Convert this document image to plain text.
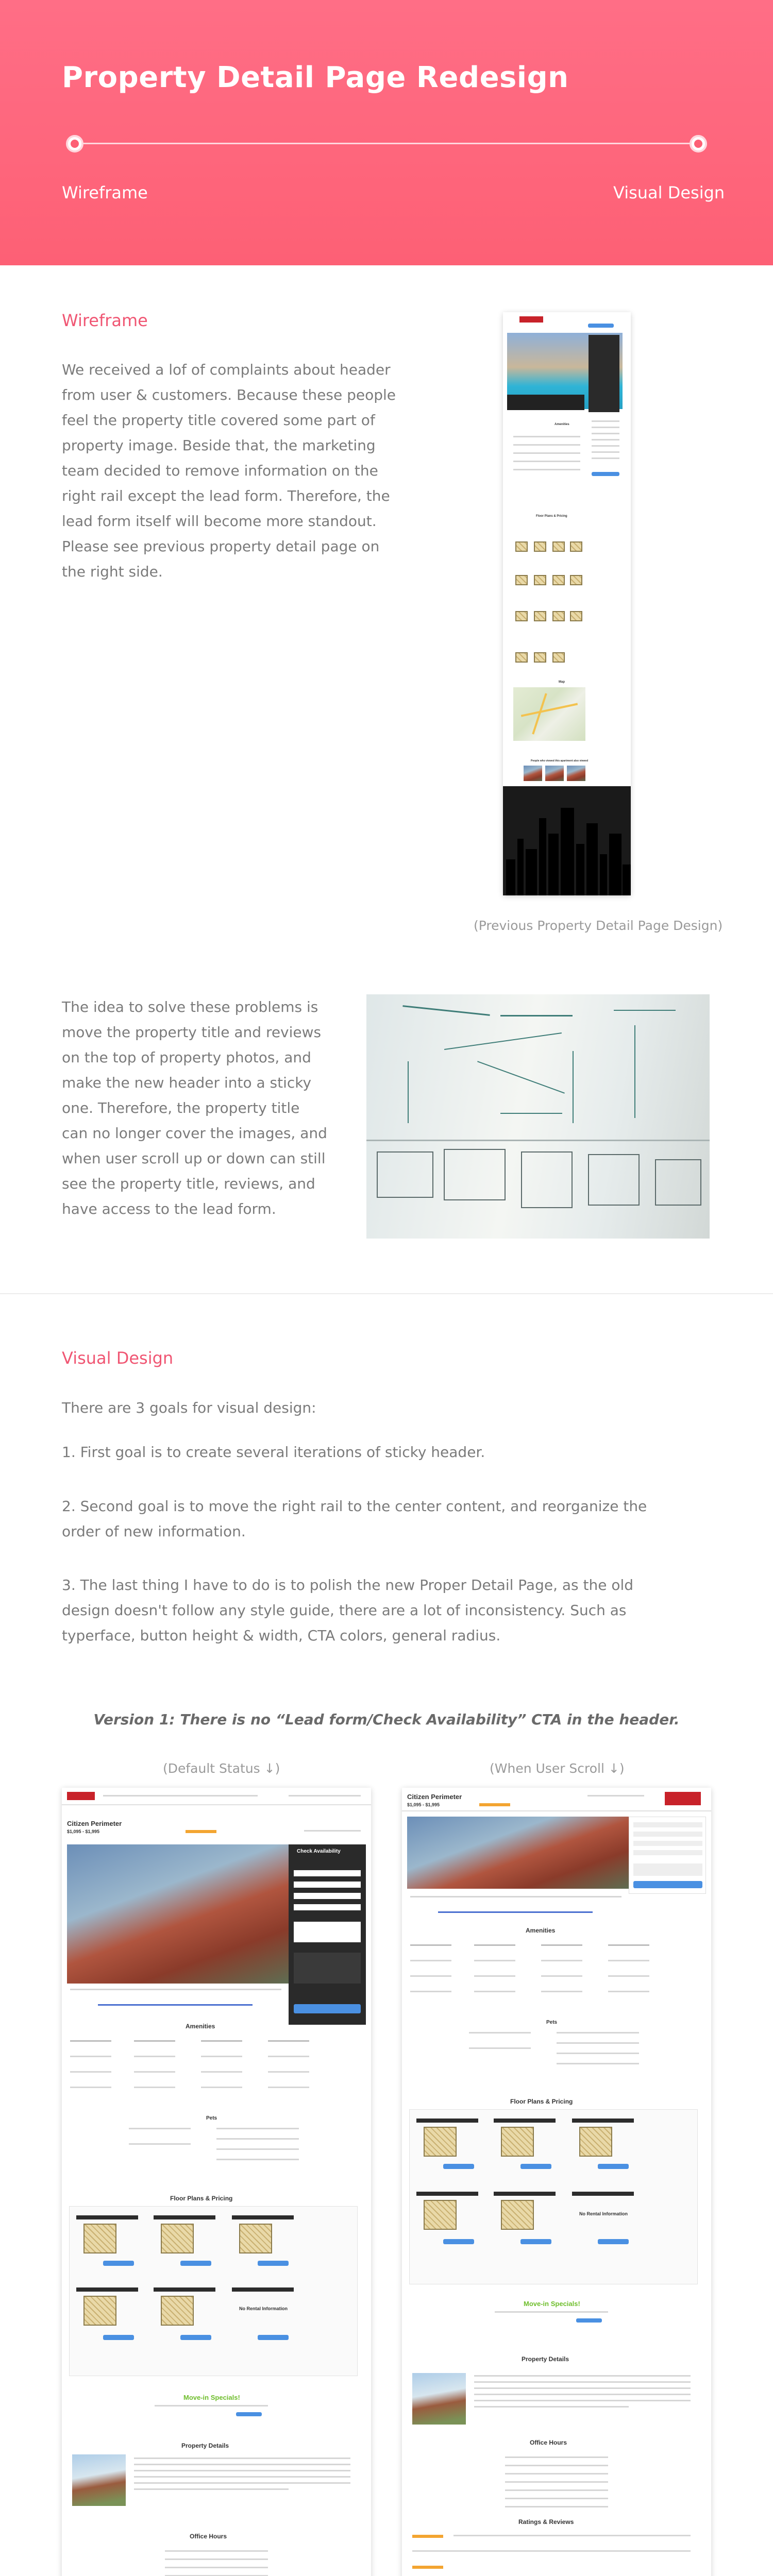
Property Detail Page Redesign
Wireframe	Visual Design
Wireframe
We received a lof of complaints about header from user & customers. Because these people feel the property title covered some part of property image. Beside that, the marketing team decided to remove information on the right rail except the lead form. Therefore, the lead form itself will become more standout. Please see previous property detail page on the right side.
Amenities
Floor Plans & Pricing
Map
People who viewed this apartment also viewed
(Previous Property Detail Page Design)
The idea to solve these problems is move the property title and reviews on the top of property photos, and make the new header into a sticky one. Therefore, the property title can no longer cover the images, and when user scroll up or down can still see the property title, reviews, and have access to the lead form.
Visual Design
There are 3 goals for visual design:
1. First goal is to create several iterations of sticky header.
2. Second goal is to move the right rail to the center content, and reorganize the order of new information.
3. The last thing I have to do is to polish the new Proper Detail Page, as the old design doesn't follow any style guide, there are a lot of inconsistency. Such as typerface, button height & width, CTA colors, general radius.
Version 1: There is no “Lead form/Check Availability” CTA in the header.
(Default Status ↓)	(When User Scroll ↓)
Citizen Perimeter
$1,095 - $1,995
Check Availability
Amenities
Pets
Floor Plans & Pricing
No Rental Information
Move-in Specials!
Property Details
Office Hours
Citizen Perimeter
$1,095 - $1,995
Amenities
Pets
Floor Plans & Pricing
No Rental Information
Move-in Specials!
Property Details
Office Hours
Ratings & Reviews
